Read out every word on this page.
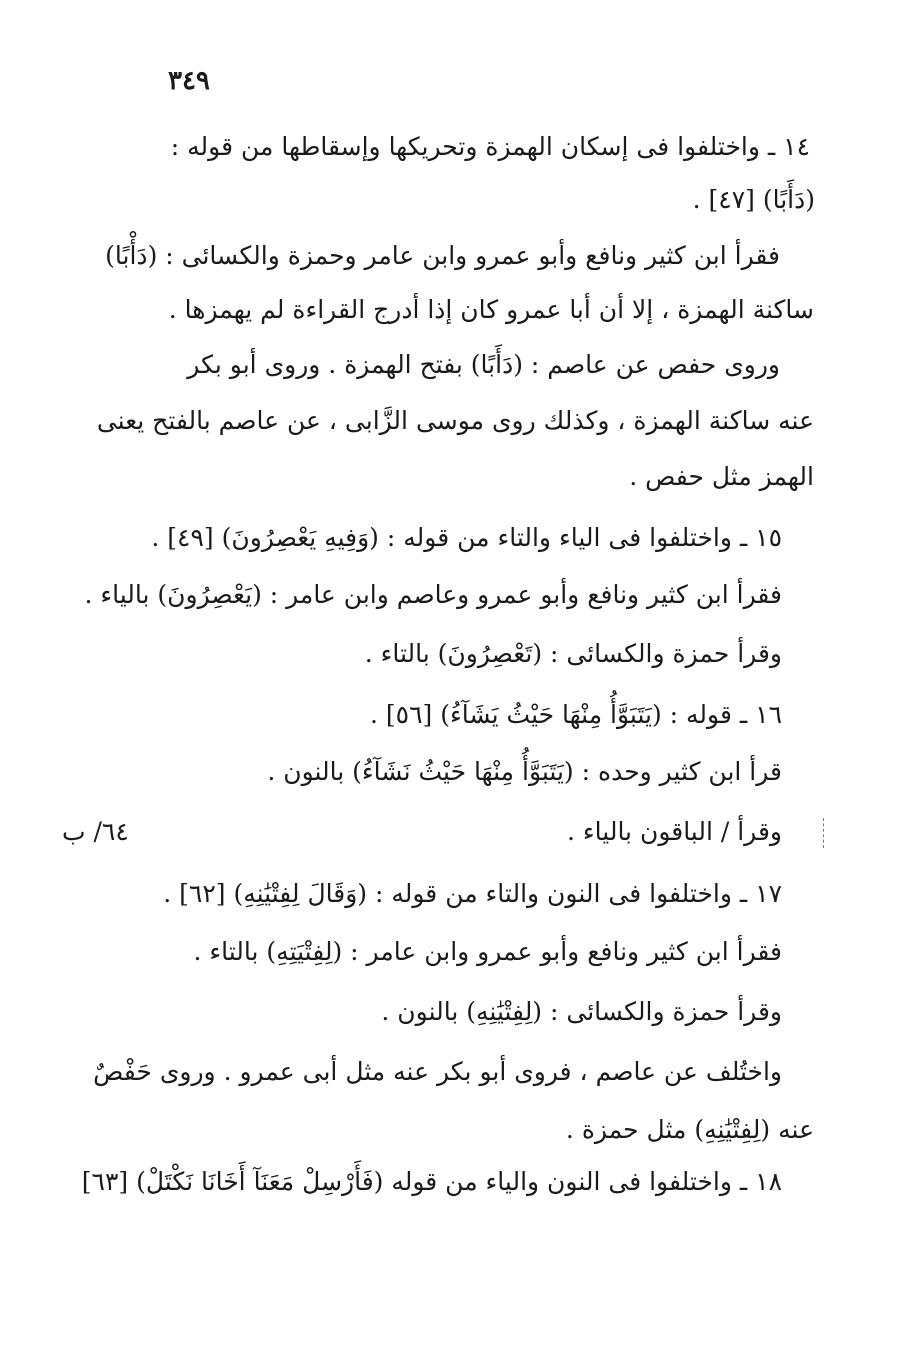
٣٤٩
١٤ ـ واختلفوا فى إسكان الهمزة وتحريكها وإسقاطها من قوله :
(دَأَبًا) [٤٧] .
فقرأ ابن كثير ونافع وأبو عمرو وابن عامر وحمزة والكسائى : (دَأْبًا)
ساكنة الهمزة ، إلا أن أبا عمرو كان إذا أدرج القراءة لم يهمزها .
وروى حفص عن عاصم : (دَأَبًا) بفتح الهمزة . وروى أبو بكر
عنه ساكنة الهمزة ، وكذلك روى موسى الزَّابى ، عن عاصم بالفتح يعنى
الهمز مثل حفص .
١٥ ـ واختلفوا فى الياء والتاء من قوله : (وَفِيهِ يَعْصِرُونَ) [٤٩] .
فقرأ ابن كثير ونافع وأبو عمرو وعاصم وابن عامر : (يَعْصِرُونَ) بالياء .
وقرأ حمزة والكسائى : (تَعْصِرُونَ) بالتاء .
١٦ ـ قوله : (يَتَبَوَّأُ مِنْهَا حَيْثُ يَشَآءُ) [٥٦] .
قرأ ابن كثير وحده : (يَتَبَوَّأُ مِنْهَا حَيْثُ نَشَآءُ) بالنون .
وقرأ / الباقون بالياء .
١٧ ـ واختلفوا فى النون والتاء من قوله : (وَقَالَ لِفِتْيَٰنِهِ) [٦٢] .
فقرأ ابن كثير ونافع وأبو عمرو وابن عامر : (لِفِتْيَتِهِ) بالتاء .
وقرأ حمزة والكسائى : (لِفِتْيَٰنِهِ) بالنون .
واختُلف عن عاصم ، فروى أبو بكر عنه مثل أبى عمرو . وروى حَفْصٌ
عنه (لِفِتْيَٰنِهِ) مثل حمزة .
١٨ ـ واختلفوا فى النون والياء من قوله (فَأَرْسِلْ مَعَنَآ أَخَانَا نَكْتَلْ) [٦٣]
٦٤/ ب
